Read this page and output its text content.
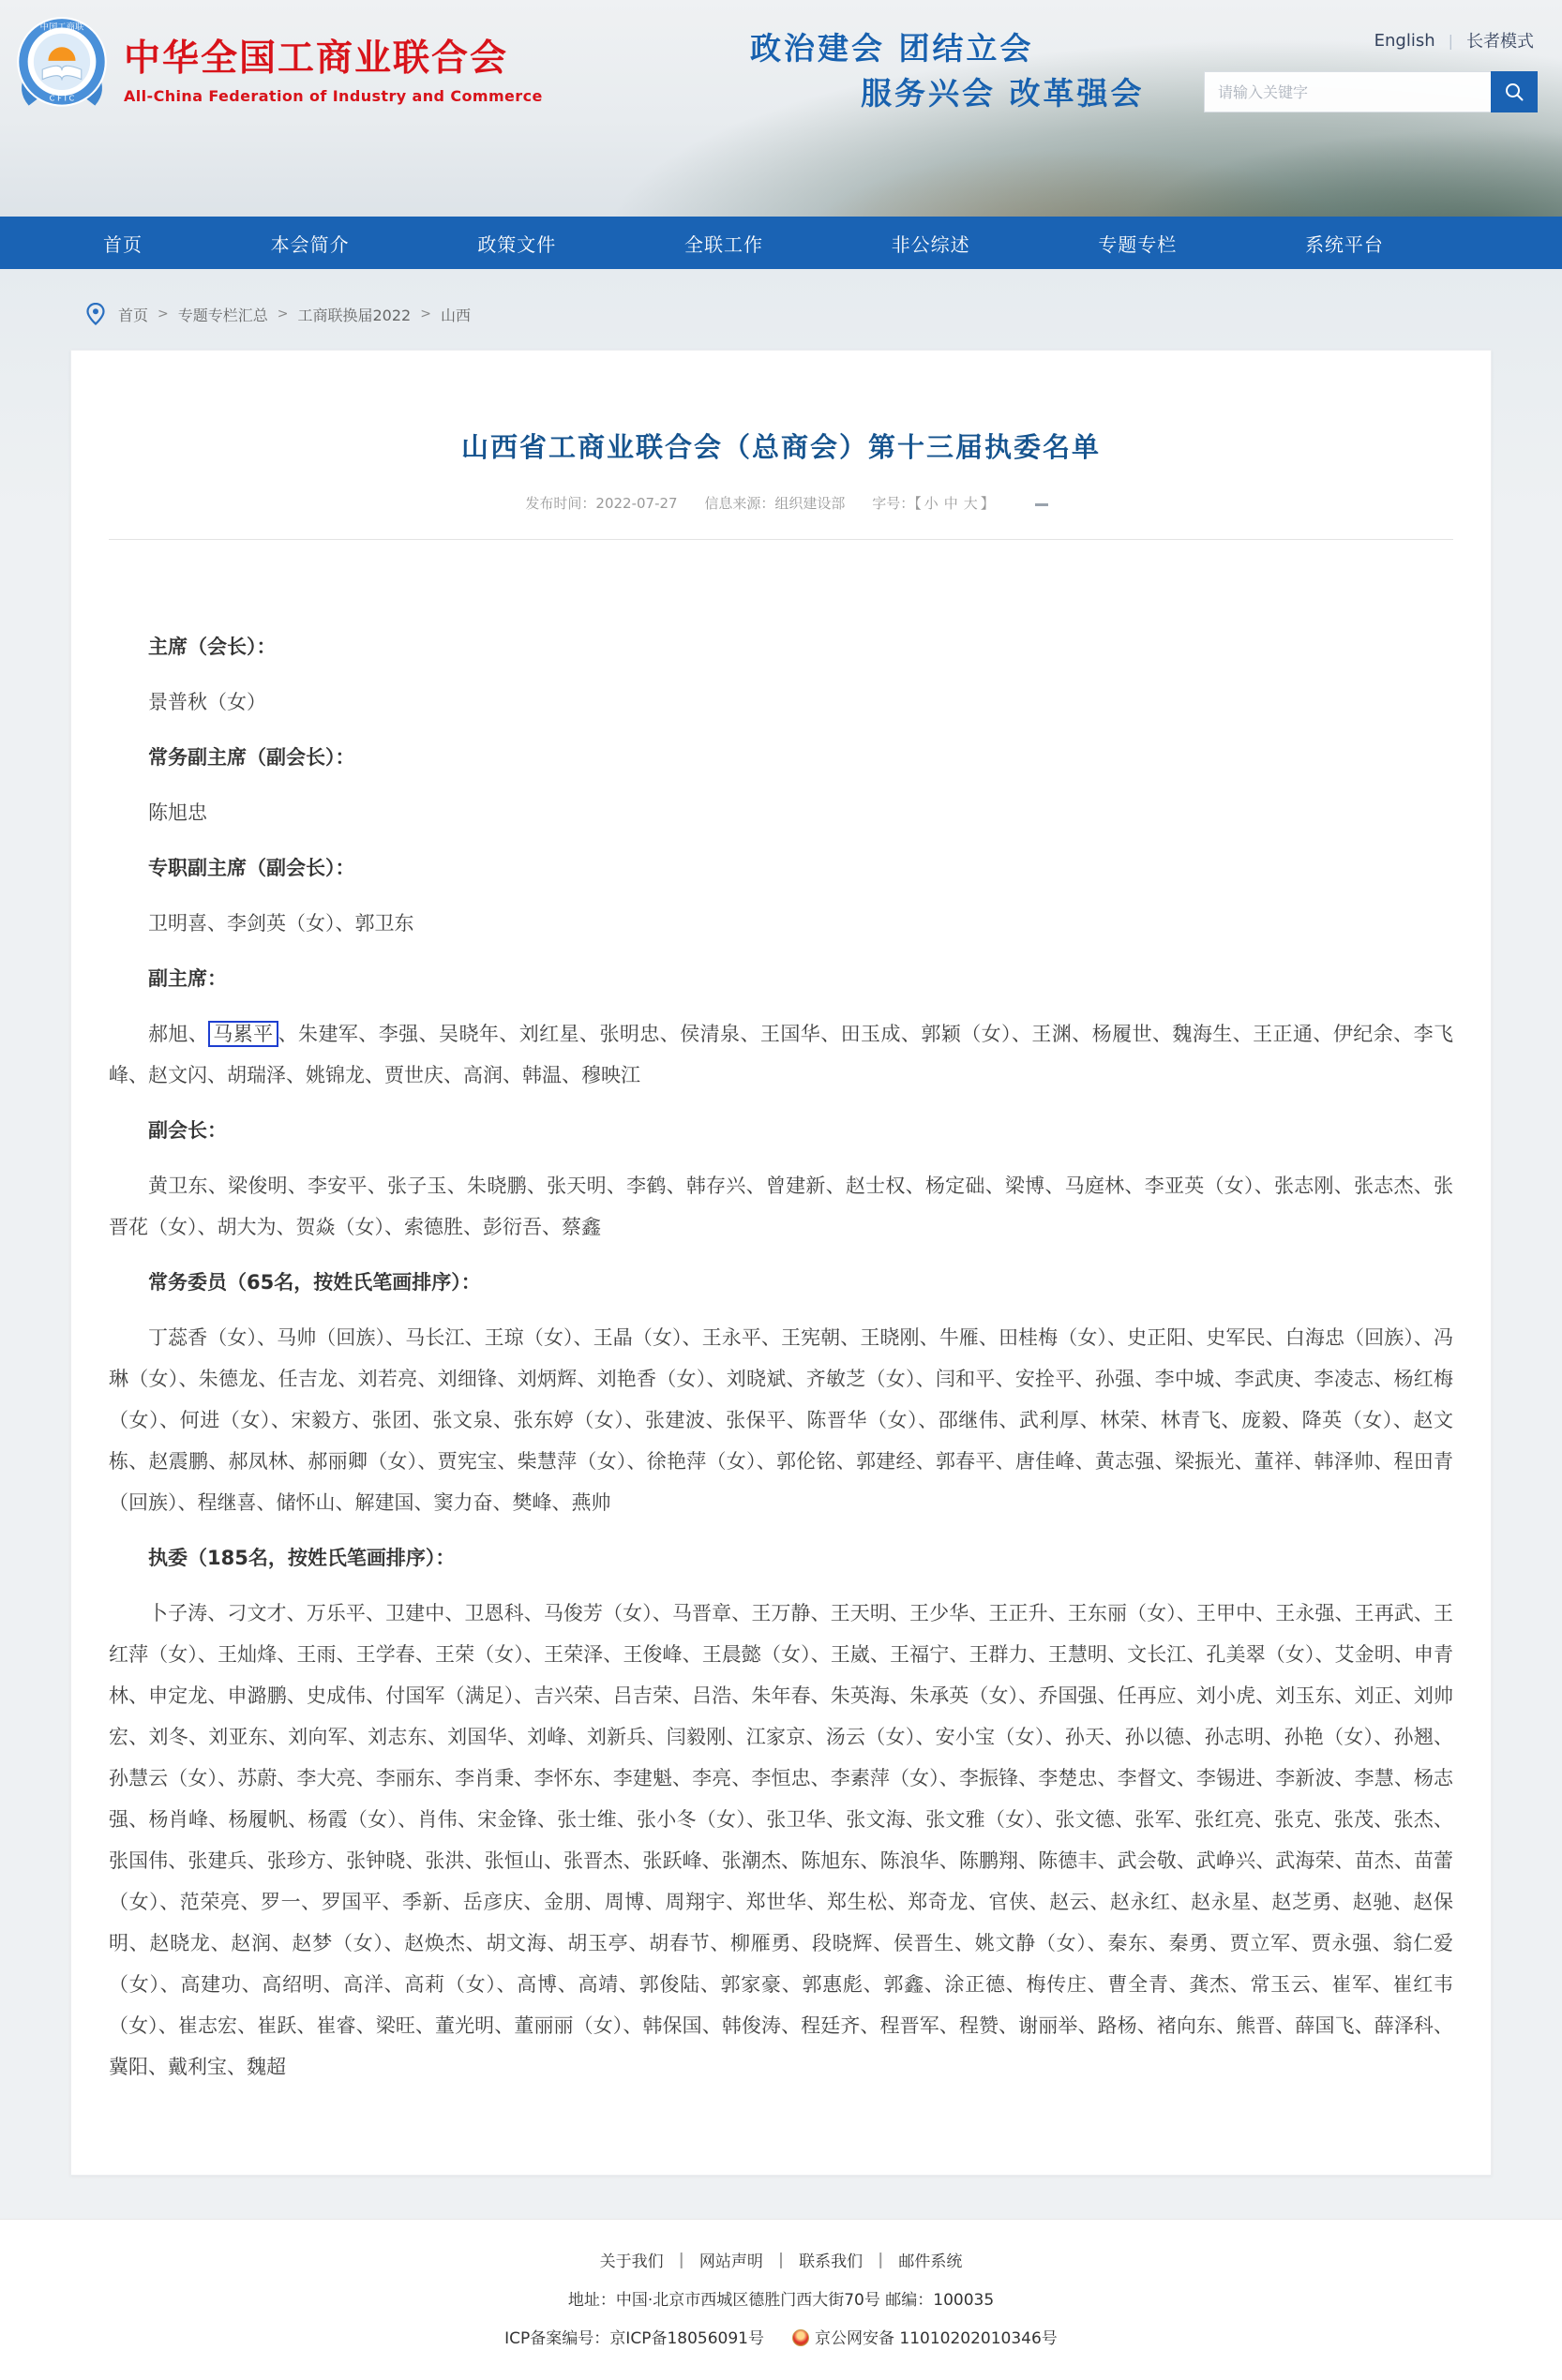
中国工商联
C F I C
中华全国工商业联合会
All-China Federation of Industry and Commerce
政治建会 团结立会
服务兴会 改革强会
English | 长者模式
请输入关键字
首页	本会简介	政策文件	全联工作	非公综述	专题专栏	系统平台
首页 > 专题专栏汇总 > 工商联换届2022 > 山西
山西省工商业联合会（总商会）第十三届执委名单
发布时间：2022-07-27 信息来源：组织建设部 字号：【 小 中 大 】
主席（会长）：

景普秋（女）

常务副主席（副会长）：

陈旭忠

专职副主席（副会长）：

卫明喜、李剑英（女）、郭卫东

副主席：

郝旭、 马累平 、朱建军、李强、吴晓年、刘红星、张明忠、侯清泉、王国华、田玉成、郭颖（女）、王渊、杨履世、魏海生、王正通、伊纪余、李飞峰、赵文闪、胡瑞泽、姚锦龙、贾世庆、高润、韩温、穆映江

副会长：

黄卫东、梁俊明、李安平、张子玉、朱晓鹏、张天明、李鹤、韩存兴、曾建新、赵士权、杨定础、梁博、马庭林、李亚英（女）、张志刚、张志杰、张晋花（女）、胡大为、贺焱（女）、索德胜、彭衍吾、蔡鑫

常务委员（65名，按姓氏笔画排序）：

丁蕊香（女）、马帅（回族）、马长江、王琼（女）、王晶（女）、王永平、王宪朝、王晓刚、牛雁、田桂梅（女）、史正阳、史军民、白海忠（回族）、冯琳（女）、朱德龙、任吉龙、刘若亮、刘细锋、刘炳辉、刘艳香（女）、刘晓斌、齐敏芝（女）、闫和平、安拴平、孙强、李中城、李武庚、李凌志、杨红梅（女）、何进（女）、宋毅方、张团、张文泉、张东婷（女）、张建波、张保平、陈晋华（女）、邵继伟、武利厚、林荣、林青飞、庞毅、降英（女）、赵文栋、赵震鹏、郝凤林、郝丽卿（女）、贾宪宝、柴慧萍（女）、徐艳萍（女）、郭伦铭、郭建经、郭春平、唐佳峰、黄志强、梁振光、董祥、韩泽帅、程田青（回族）、程继喜、储怀山、解建国、窦力奋、樊峰、燕帅

执委（185名，按姓氏笔画排序）：

卜子涛、刁文才、万乐平、卫建中、卫恩科、马俊芳（女）、马晋章、王万静、王天明、王少华、王正升、王东丽（女）、王甲中、王永强、王再武、王红萍（女）、王灿烽、王雨、王学春、王荣（女）、王荣泽、王俊峰、王晨懿（女）、王崴、王福宁、王群力、王慧明、文长江、孔美翠（女）、艾金明、申青林、申定龙、申潞鹏、史成伟、付国军（满足）、吉兴荣、吕吉荣、吕浩、朱年春、朱英海、朱承英（女）、乔国强、任再应、刘小虎、刘玉东、刘正、刘帅宏、刘冬、刘亚东、刘向军、刘志东、刘国华、刘峰、刘新兵、闫毅刚、江家京、汤云（女）、安小宝（女）、孙天、孙以德、孙志明、孙艳（女）、孙翘、孙慧云（女）、苏蔚、李大亮、李丽东、李肖秉、李怀东、李建魁、李亮、李恒忠、李素萍（女）、李振锋、李楚忠、李督文、李锡进、李新波、李慧、杨志强、杨肖峰、杨履帆、杨霞（女）、肖伟、宋金锋、张士维、张小冬（女）、张卫华、张文海、张文雅（女）、张文德、张军、张红亮、张克、张茂、张杰、张国伟、张建兵、张珍方、张钟晓、张洪、张恒山、张晋杰、张跃峰、张潮杰、陈旭东、陈浪华、陈鹏翔、陈德丰、武会敬、武峥兴、武海荣、苗杰、苗蕾（女）、范荣亮、罗一、罗国平、季新、岳彦庆、金朋、周博、周翔宇、郑世华、郑生松、郑奇龙、官侠、赵云、赵永红、赵永星、赵芝勇、赵驰、赵保明、赵晓龙、赵润、赵梦（女）、赵焕杰、胡文海、胡玉亭、胡春节、柳雁勇、段晓辉、侯晋生、姚文静（女）、秦东、秦勇、贾立军、贾永强、翁仁爱（女）、高建功、高绍明、高洋、高莉（女）、高博、高靖、郭俊陆、郭家豪、郭惠彪、郭鑫、涂正德、梅传庄、曹全青、龚杰、常玉云、崔军、崔红韦（女）、崔志宏、崔跃、崔睿、梁旺、董光明、董丽丽（女）、韩保国、韩俊涛、程廷齐、程晋军、程赞、谢丽举、路杨、褚向东、熊晋、薛国飞、薛泽科、冀阳、戴利宝、魏超

关于我们 | 网站声明 | 联系我们 | 邮件系统
地址：中国·北京市西城区德胜门西大街70号 邮编：100035
ICP备案编号：京ICP备18056091号	京公网安备 11010202010346号
